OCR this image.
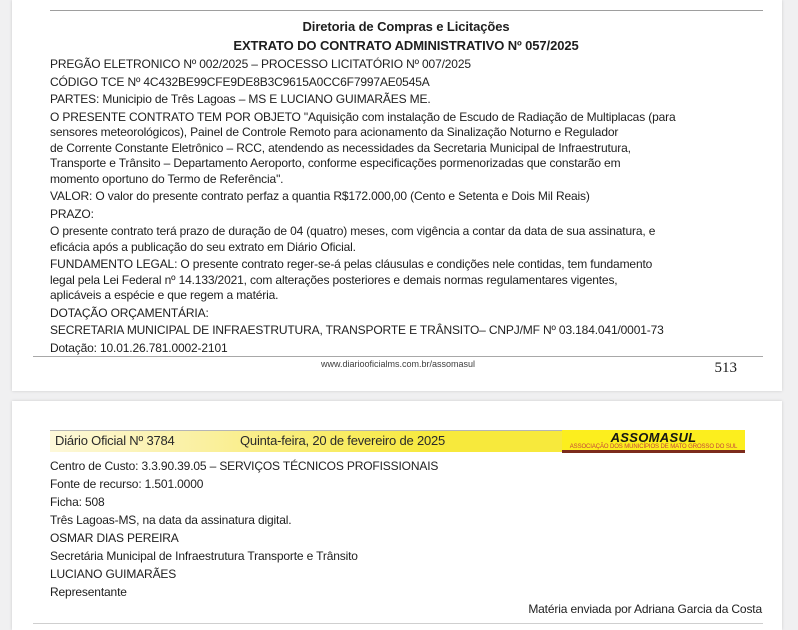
Diretoria de Compras e Licitações
EXTRATO DO CONTRATO ADMINISTRATIVO Nº 057/2025
PREGÃO ELETRONICO Nº 002/2025 – PROCESSO LICITATÓRIO Nº 007/2025
CÓDIGO TCE Nº 4C432BE99CFE9DE8B3C9615A0CC6F7997AE0545A
PARTES: Municipio de Três Lagoas – MS E LUCIANO GUIMARÃES ME.
O PRESENTE CONTRATO TEM POR OBJETO "Aquisição com instalação de Escudo de Radiação de Multiplacas (para
sensores meteorológicos), Painel de Controle Remoto para acionamento da Sinalização Noturno e Regulador
de Corrente Constante Eletrônico – RCC, atendendo as necessidades da Secretaria Municipal de Infraestrutura,
Transporte e Trânsito – Departamento Aeroporto, conforme especificações pormenorizadas que constarão em
momento oportuno do Termo de Referência".
VALOR: O valor do presente contrato perfaz a quantia R$172.000,00 (Cento e Setenta e Dois Mil Reais)
PRAZO:
O presente contrato terá prazo de duração de 04 (quatro) meses, com vigência a contar da data de sua assinatura, e
eficácia após a publicação do seu extrato em Diário Oficial.
FUNDAMENTO LEGAL: O presente contrato reger-se-á pelas cláusulas e condições nele contidas, tem fundamento
legal pela Lei Federal nº 14.133/2021, com alterações posteriores e demais normas regulamentares vigentes,
aplicáveis a espécie e que regem a matéria.
DOTAÇÃO ORÇAMENTÁRIA:
SECRETARIA MUNICIPAL DE INFRAESTRUTURA, TRANSPORTE E TRÂNSITO– CNPJ/MF Nº 03.184.041/0001-73
Dotação: 10.01.26.781.0002-2101
www.diariooficialms.com.br/assomasul	513
Diário Oficial Nº 3784	Quinta-feira, 20 de fevereiro de 2025	ASSOMASUL
ASSOCIAÇÃO DOS MUNICÍPIOS DE MATO GROSSO DO SUL
Centro de Custo: 3.3.90.39.05 – SERVIÇOS TÉCNICOS PROFISSIONAIS
Fonte de recurso: 1.501.0000
Ficha: 508
Três Lagoas-MS, na data da assinatura digital.
OSMAR DIAS PEREIRA
Secretária Municipal de Infraestrutura Transporte e Trânsito
LUCIANO GUIMARÃES
Representante
Matéria enviada por Adriana Garcia da Costa
